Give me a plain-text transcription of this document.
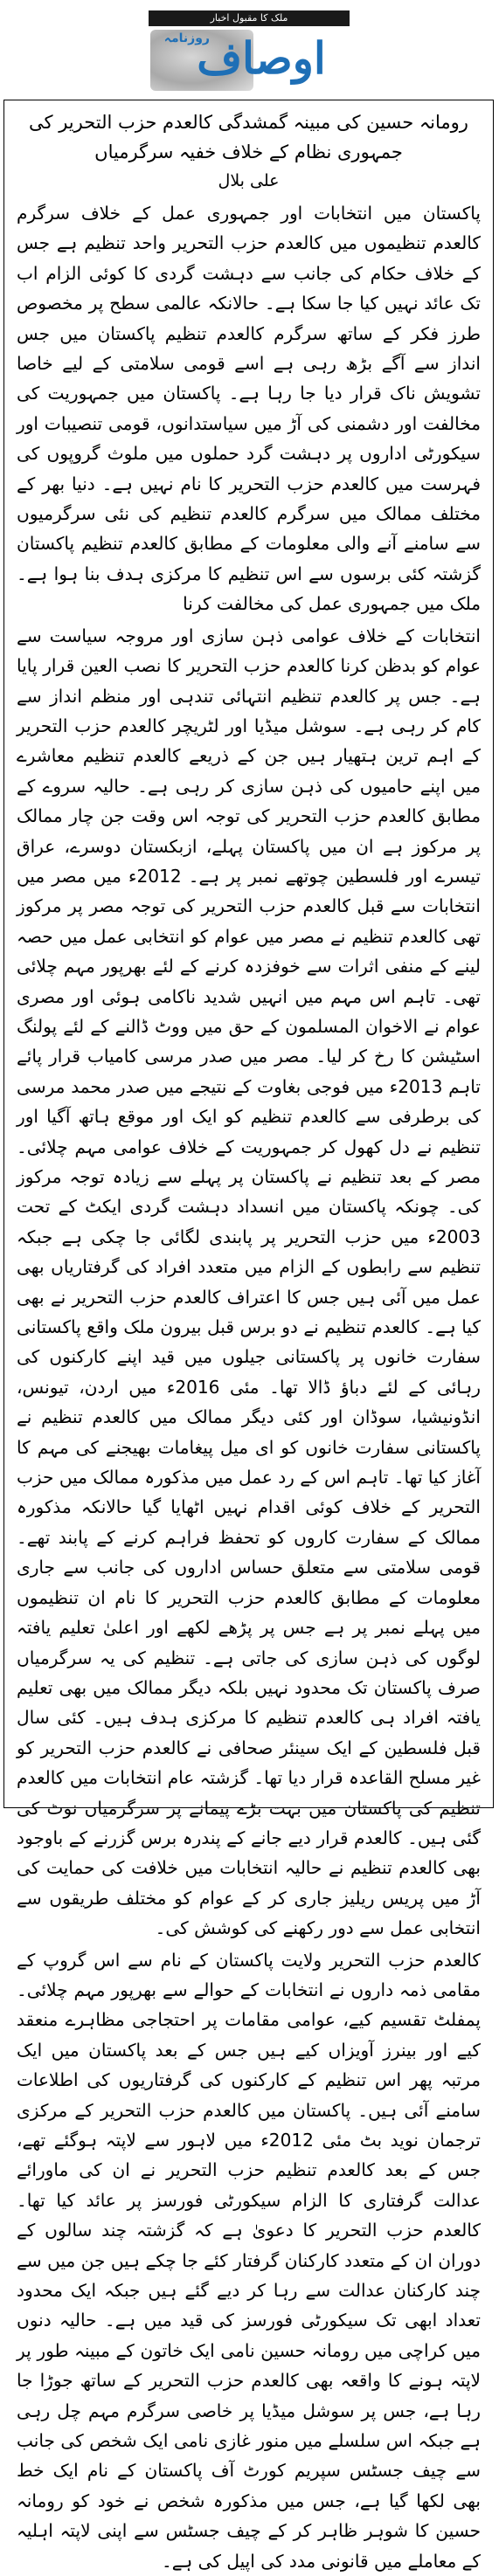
ملک کا مقبول اخبار
روزنامہ
اوصاف
رومانہ حسین کی مبینہ گمشدگی کالعدم حزب التحریر کی جمہوری نظام کے خلاف خفیہ سرگرمیاں
علی بلال

پاکستان میں انتخابات اور جمہوری عمل کے خلاف سرگرم کالعدم تنظیموں میں کالعدم حزب التحریر واحد تنظیم ہے جس کے خلاف حکام کی جانب سے دہشت گردی کا کوئی الزام اب تک عائد نہیں کیا جا سکا ہے۔ حالانکہ عالمی سطح پر مخصوص طرز فکر کے ساتھ سرگرم کالعدم تنظیم پاکستان میں جس انداز سے آگے بڑھ رہی ہے اسے قومی سلامتی کے لیے خاصا تشویش ناک قرار دیا جا رہا ہے۔ پاکستان میں جمہوریت کی مخالفت اور دشمنی کی آڑ میں سیاستدانوں، قومی تنصیبات اور سیکورٹی اداروں پر دہشت گرد حملوں میں ملوث گروپوں کی فہرست میں کالعدم حزب التحریر کا نام نہیں ہے۔ دنیا بھر کے مختلف ممالک میں سرگرم کالعدم تنظیم کی نئی سرگرمیوں سے سامنے آنے والی معلومات کے مطابق کالعدم تنظیم پاکستان گزشتہ کئی برسوں سے اس تنظیم کا مرکزی ہدف بنا ہوا ہے۔ ملک میں جمہوری عمل کی مخالفت کرنا

انتخابات کے خلاف عوامی ذہن سازی اور مروجہ سیاست سے عوام کو بدظن کرنا کالعدم حزب التحریر کا نصب العین قرار پایا ہے۔ جس پر کالعدم تنظیم انتہائی تندہی اور منظم انداز سے کام کر رہی ہے۔ سوشل میڈیا اور لٹریچر کالعدم حزب التحریر کے اہم ترین ہتھیار ہیں جن کے ذریعے کالعدم تنظیم معاشرے میں اپنے حامیوں کی ذہن سازی کر رہی ہے۔ حالیہ سروے کے مطابق کالعدم حزب التحریر کی توجہ اس وقت جن چار ممالک پر مرکوز ہے ان میں پاکستان پہلے، ازبکستان دوسرے، عراق تیسرے اور فلسطین چوتھے نمبر پر ہے۔ 2012ء میں مصر میں انتخابات سے قبل کالعدم حزب التحریر کی توجہ مصر پر مرکوز تھی کالعدم تنظیم نے مصر میں عوام کو انتخابی عمل میں حصہ لینے کے منفی اثرات سے خوفزدہ کرنے کے لئے بھرپور مہم چلائی تھی۔ تاہم اس مہم میں انہیں شدید ناکامی ہوئی اور مصری عوام نے الاخوان المسلمون کے حق میں ووٹ ڈالنے کے لئے پولنگ اسٹیشن کا رخ کر لیا۔ مصر میں صدر مرسی کامیاب قرار پائے تاہم 2013ء میں فوجی بغاوت کے نتیجے میں صدر محمد مرسی کی برطرفی سے کالعدم تنظیم کو ایک اور موقع ہاتھ آگیا اور تنظیم نے دل کھول کر جمہوریت کے خلاف عوامی مہم چلائی۔ مصر کے بعد تنظیم نے پاکستان پر پہلے سے زیادہ توجہ مرکوز کی۔ چونکہ پاکستان میں انسداد دہشت گردی ایکٹ کے تحت 2003ء میں حزب التحریر پر پابندی لگائی جا چکی ہے جبکہ تنظیم سے رابطوں کے الزام میں متعدد افراد کی گرفتاریاں بھی عمل میں آئی ہیں جس کا اعتراف کالعدم حزب التحریر نے بھی کیا ہے۔ کالعدم تنظیم نے دو برس قبل بیرون ملک واقع پاکستانی سفارت خانوں پر پاکستانی جیلوں میں قید اپنے کارکنوں کی رہائی کے لئے دباؤ ڈالا تھا۔ مئی 2016ء میں اردن، تیونس، انڈونیشیا، سوڈان اور کئی دیگر ممالک میں کالعدم تنظیم نے پاکستانی سفارت خانوں کو ای میل پیغامات بھیجنے کی مہم کا آغاز کیا تھا۔ تاہم اس کے رد عمل میں مذکورہ ممالک میں حزب التحریر کے خلاف کوئی اقدام نہیں اٹھایا گیا حالانکہ مذکورہ ممالک کے سفارت کاروں کو تحفظ فراہم کرنے کے پابند تھے۔ قومی سلامتی سے متعلق حساس اداروں کی جانب سے جاری معلومات کے مطابق کالعدم حزب التحریر کا نام ان تنظیموں میں پہلے نمبر پر ہے جس پر پڑھے لکھے اور اعلیٰ تعلیم یافتہ لوگوں کی ذہن سازی کی جاتی ہے۔ تنظیم کی یہ سرگرمیاں صرف پاکستان تک محدود نہیں بلکہ دیگر ممالک میں بھی تعلیم یافتہ افراد ہی کالعدم تنظیم کا مرکزی ہدف ہیں۔ کئی سال قبل فلسطین کے ایک سینئر صحافی نے کالعدم حزب التحریر کو غیر مسلح القاعدہ قرار دیا تھا۔ گزشتہ عام انتخابات میں کالعدم تنظیم کی پاکستان میں بہت بڑے پیمانے پر سرگرمیاں نوٹ کی گئی ہیں۔ کالعدم قرار دیے جانے کے پندرہ برس گزرنے کے باوجود بھی کالعدم تنظیم نے حالیہ انتخابات میں خلافت کی حمایت کی آڑ میں پریس ریلیز جاری کر کے عوام کو مختلف طریقوں سے انتخابی عمل سے دور رکھنے کی کوشش کی۔

کالعدم حزب التحریر ولایت پاکستان کے نام سے اس گروپ کے مقامی ذمہ داروں نے انتخابات کے حوالے سے بھرپور مہم چلائی۔ پمفلٹ تقسیم کیے، عوامی مقامات پر احتجاجی مظاہرے منعقد کیے اور بینرز آویزاں کیے ہیں جس کے بعد پاکستان میں ایک مرتبہ پھر اس تنظیم کے کارکنوں کی گرفتاریوں کی اطلاعات سامنے آئی ہیں۔ پاکستان میں کالعدم حزب التحریر کے مرکزی ترجمان نوید بٹ مئی 2012ء میں لاہور سے لاپتہ ہوگئے تھے، جس کے بعد کالعدم تنظیم حزب التحریر نے ان کی ماورائے عدالت گرفتاری کا الزام سیکورٹی فورسز پر عائد کیا تھا۔ کالعدم حزب التحریر کا دعویٰ ہے کہ گزشتہ چند سالوں کے دوران ان کے متعدد کارکنان گرفتار کئے جا چکے ہیں جن میں سے چند کارکنان عدالت سے رہا کر دیے گئے ہیں جبکہ ایک محدود تعداد ابھی تک سیکورٹی فورسز کی قید میں ہے۔ حالیہ دنوں میں کراچی میں رومانہ حسین نامی ایک خاتون کے مبینہ طور پر لاپتہ ہونے کا واقعہ بھی کالعدم حزب التحریر کے ساتھ جوڑا جا رہا ہے، جس پر سوشل میڈیا پر خاصی سرگرم مہم چل رہی ہے جبکہ اس سلسلے میں منور غازی نامی ایک شخص کی جانب سے چیف جسٹس سپریم کورٹ آف پاکستان کے نام ایک خط بھی لکھا گیا ہے، جس میں مذکورہ شخص نے خود کو رومانہ حسین کا شوہر ظاہر کر کے چیف جسٹس سے اپنی لاپتہ اہلیہ کے معاملے میں قانونی مدد کی اپیل کی ہے۔
